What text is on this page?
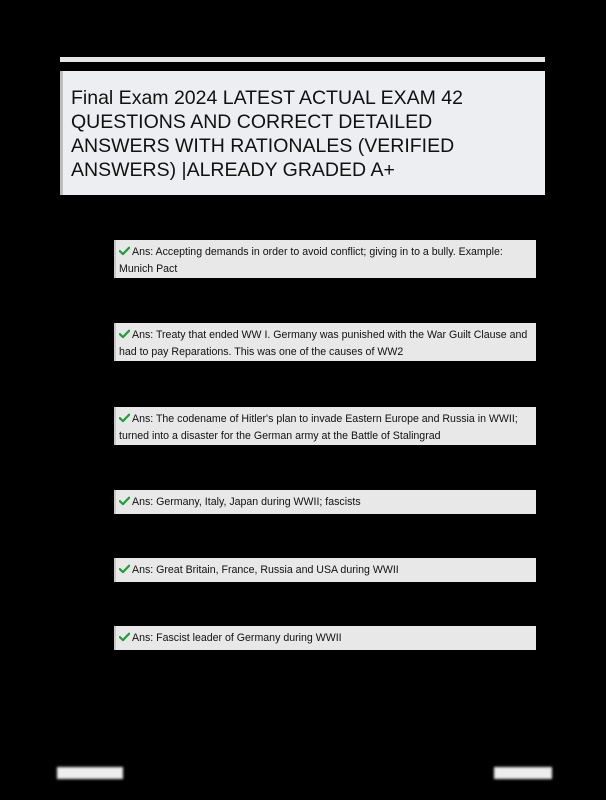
Final Exam 2024 LATEST ACTUAL EXAM 42
QUESTIONS AND CORRECT DETAILED
ANSWERS WITH RATIONALES (VERIFIED
ANSWERS) |ALREADY GRADED A+
Ans: Accepting demands in order to avoid conflict; giving in to a bully. Example: Munich Pact
Ans: Treaty that ended WW I. Germany was punished with the War Guilt Clause and had to pay Reparations. This was one of the causes of WW2
Ans: The codename of Hitler's plan to invade Eastern Europe and Russia in WWII; turned into a disaster for the German army at the Battle of Stalingrad
Ans: Germany, Italy, Japan during WWII; fascists
Ans: Great Britain, France, Russia and USA during WWII
Ans: Fascist leader of Germany during WWII
